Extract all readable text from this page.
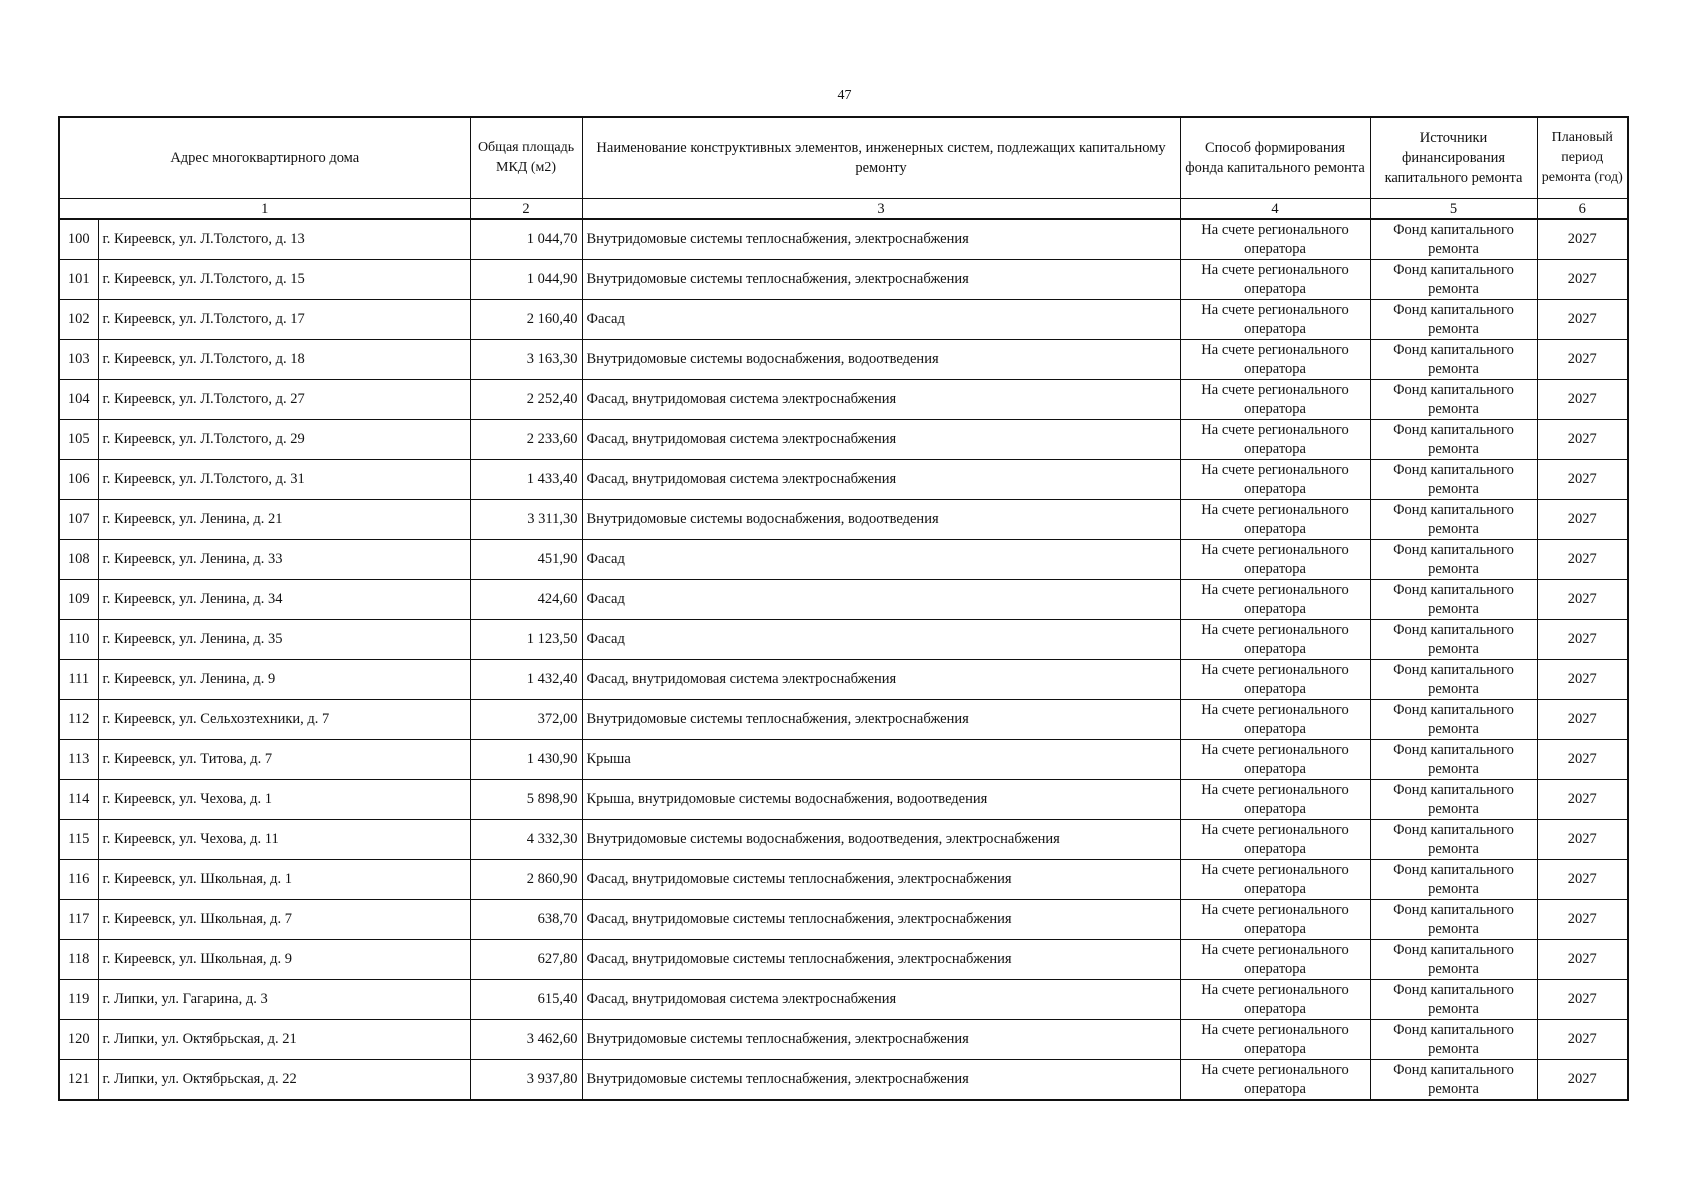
47
Адрес многоквартирного дома		Общая площадь МКД (м2)	Наименование конструктивных элементов, инженерных систем, подлежащих капитальному ремонту	Способ формирования фонда капитального ремонта	Источники финансирования капитального ремонта	Плановый период ремонта (год)
1		2	3	4	5	6
100	г. Киреевск, ул. Л.Толстого, д. 13	1 044,70	Внутридомовые системы теплоснабжения, электроснабжения	На счете регионального оператора	Фонд капитального ремонта	2027
101	г. Киреевск, ул. Л.Толстого, д. 15	1 044,90	Внутридомовые системы теплоснабжения, электроснабжения	На счете регионального оператора	Фонд капитального ремонта	2027
102	г. Киреевск, ул. Л.Толстого, д. 17	2 160,40	Фасад	На счете регионального оператора	Фонд капитального ремонта	2027
103	г. Киреевск, ул. Л.Толстого, д. 18	3 163,30	Внутридомовые системы водоснабжения, водоотведения	На счете регионального оператора	Фонд капитального ремонта	2027
104	г. Киреевск, ул. Л.Толстого, д. 27	2 252,40	Фасад, внутридомовая система электроснабжения	На счете регионального оператора	Фонд капитального ремонта	2027
105	г. Киреевск, ул. Л.Толстого, д. 29	2 233,60	Фасад, внутридомовая система электроснабжения	На счете регионального оператора	Фонд капитального ремонта	2027
106	г. Киреевск, ул. Л.Толстого, д. 31	1 433,40	Фасад, внутридомовая система электроснабжения	На счете регионального оператора	Фонд капитального ремонта	2027
107	г. Киреевск, ул. Ленина, д. 21	3 311,30	Внутридомовые системы водоснабжения, водоотведения	На счете регионального оператора	Фонд капитального ремонта	2027
108	г. Киреевск, ул. Ленина, д. 33	451,90	Фасад	На счете регионального оператора	Фонд капитального ремонта	2027
109	г. Киреевск, ул. Ленина, д. 34	424,60	Фасад	На счете регионального оператора	Фонд капитального ремонта	2027
110	г. Киреевск, ул. Ленина, д. 35	1 123,50	Фасад	На счете регионального оператора	Фонд капитального ремонта	2027
111	г. Киреевск, ул. Ленина, д. 9	1 432,40	Фасад, внутридомовая система электроснабжения	На счете регионального оператора	Фонд капитального ремонта	2027
112	г. Киреевск, ул. Сельхозтехники, д. 7	372,00	Внутридомовые системы теплоснабжения, электроснабжения	На счете регионального оператора	Фонд капитального ремонта	2027
113	г. Киреевск, ул. Титова, д. 7	1 430,90	Крыша	На счете регионального оператора	Фонд капитального ремонта	2027
114	г. Киреевск, ул. Чехова, д. 1	5 898,90	Крыша, внутридомовые системы водоснабжения, водоотведения	На счете регионального оператора	Фонд капитального ремонта	2027
115	г. Киреевск, ул. Чехова, д. 11	4 332,30	Внутридомовые системы водоснабжения, водоотведения, электроснабжения	На счете регионального оператора	Фонд капитального ремонта	2027
116	г. Киреевск, ул. Школьная, д. 1	2 860,90	Фасад, внутридомовые системы теплоснабжения, электроснабжения	На счете регионального оператора	Фонд капитального ремонта	2027
117	г. Киреевск, ул. Школьная, д. 7	638,70	Фасад, внутридомовые системы теплоснабжения, электроснабжения	На счете регионального оператора	Фонд капитального ремонта	2027
118	г. Киреевск, ул. Школьная, д. 9	627,80	Фасад, внутридомовые системы теплоснабжения, электроснабжения	На счете регионального оператора	Фонд капитального ремонта	2027
119	г. Липки, ул. Гагарина, д. 3	615,40	Фасад, внутридомовая система электроснабжения	На счете регионального оператора	Фонд капитального ремонта	2027
120	г. Липки, ул. Октябрьская, д. 21	3 462,60	Внутридомовые системы теплоснабжения, электроснабжения	На счете регионального оператора	Фонд капитального ремонта	2027
121	г. Липки, ул. Октябрьская, д. 22	3 937,80	Внутридомовые системы теплоснабжения, электроснабжения	На счете регионального оператора	Фонд капитального ремонта	2027
